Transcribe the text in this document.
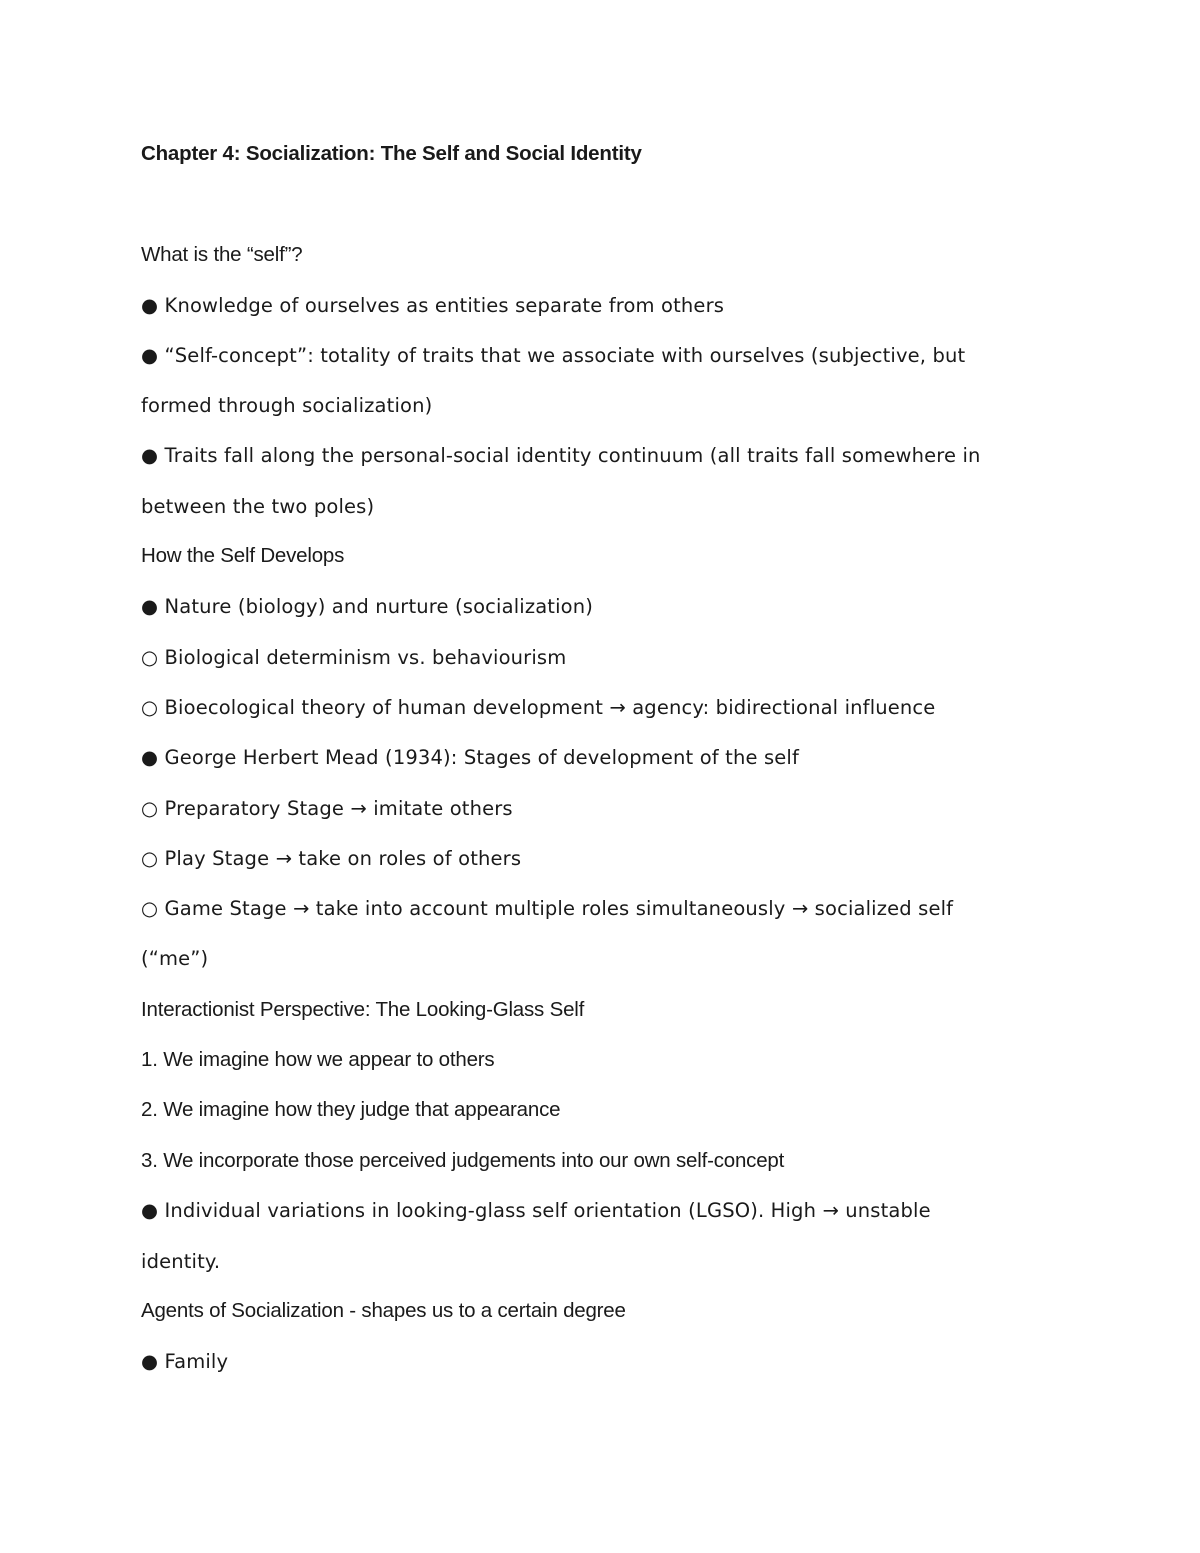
Chapter 4: Socialization: The Self and Social Identity
What is the “self”?
● Knowledge of ourselves as entities separate from others
● “Self-concept”: totality of traits that we associate with ourselves (subjective, but
formed through socialization)
● Traits fall along the personal-social identity continuum (all traits fall somewhere in
between the two poles)
How the Self Develops
● Nature (biology) and nurture (socialization)
○ Biological determinism vs. behaviourism
○ Bioecological theory of human development → agency: bidirectional influence
● George Herbert Mead (1934): Stages of development of the self
○ Preparatory Stage → imitate others
○ Play Stage → take on roles of others
○ Game Stage → take into account multiple roles simultaneously → socialized self
(“me”)
Interactionist Perspective: The Looking-Glass Self
1. We imagine how we appear to others
2. We imagine how they judge that appearance
3. We incorporate those perceived judgements into our own self-concept
● Individual variations in looking-glass self orientation (LGSO). High → unstable
identity.
Agents of Socialization - shapes us to a certain degree
● Family
